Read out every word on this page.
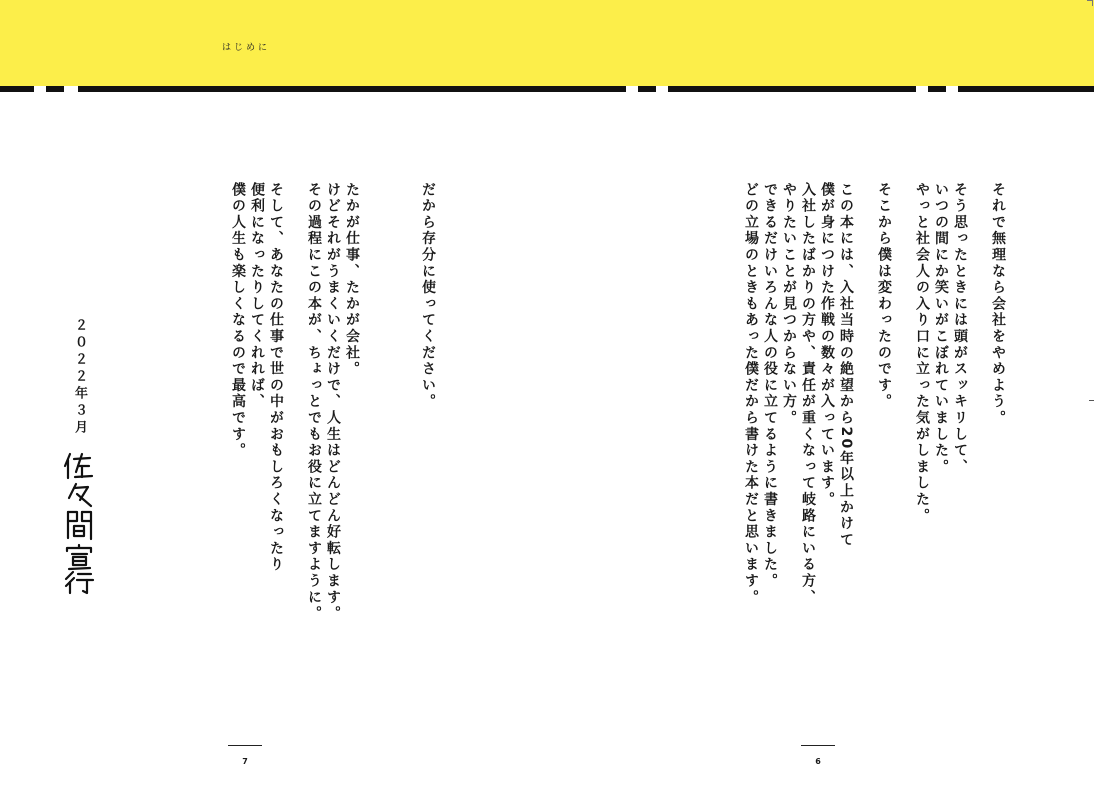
はじめに
それで無理なら会社をやめよう。
そう思ったときには頭がスッキリして、
いつの間にか笑いがこぼれていました。
やっと社会人の入り口に立った気がしました。
そこから僕は変わったのです。
この本には、入社当時の絶望から20年以上かけて
僕が身につけた作戦の数々が入っています。
入社したばかりの方や、責任が重くなって岐路にいる方、
やりたいことが見つからない方。
できるだけいろんな人の役に立てるように書きました。
どの立場のときもあった僕だから書けた本だと思います。
だから存分に使ってください。
たかが仕事、たかが会社。
けどそれがうまくいくだけで、人生はどんどん好転します。
その過程にこの本が、ちょっとでもお役に立てますように。
そして、あなたの仕事で世の中がおもしろくなったり
便利になったりしてくれれば、
僕の人生も楽しくなるので最高です。
２０２２年３月
6
7
